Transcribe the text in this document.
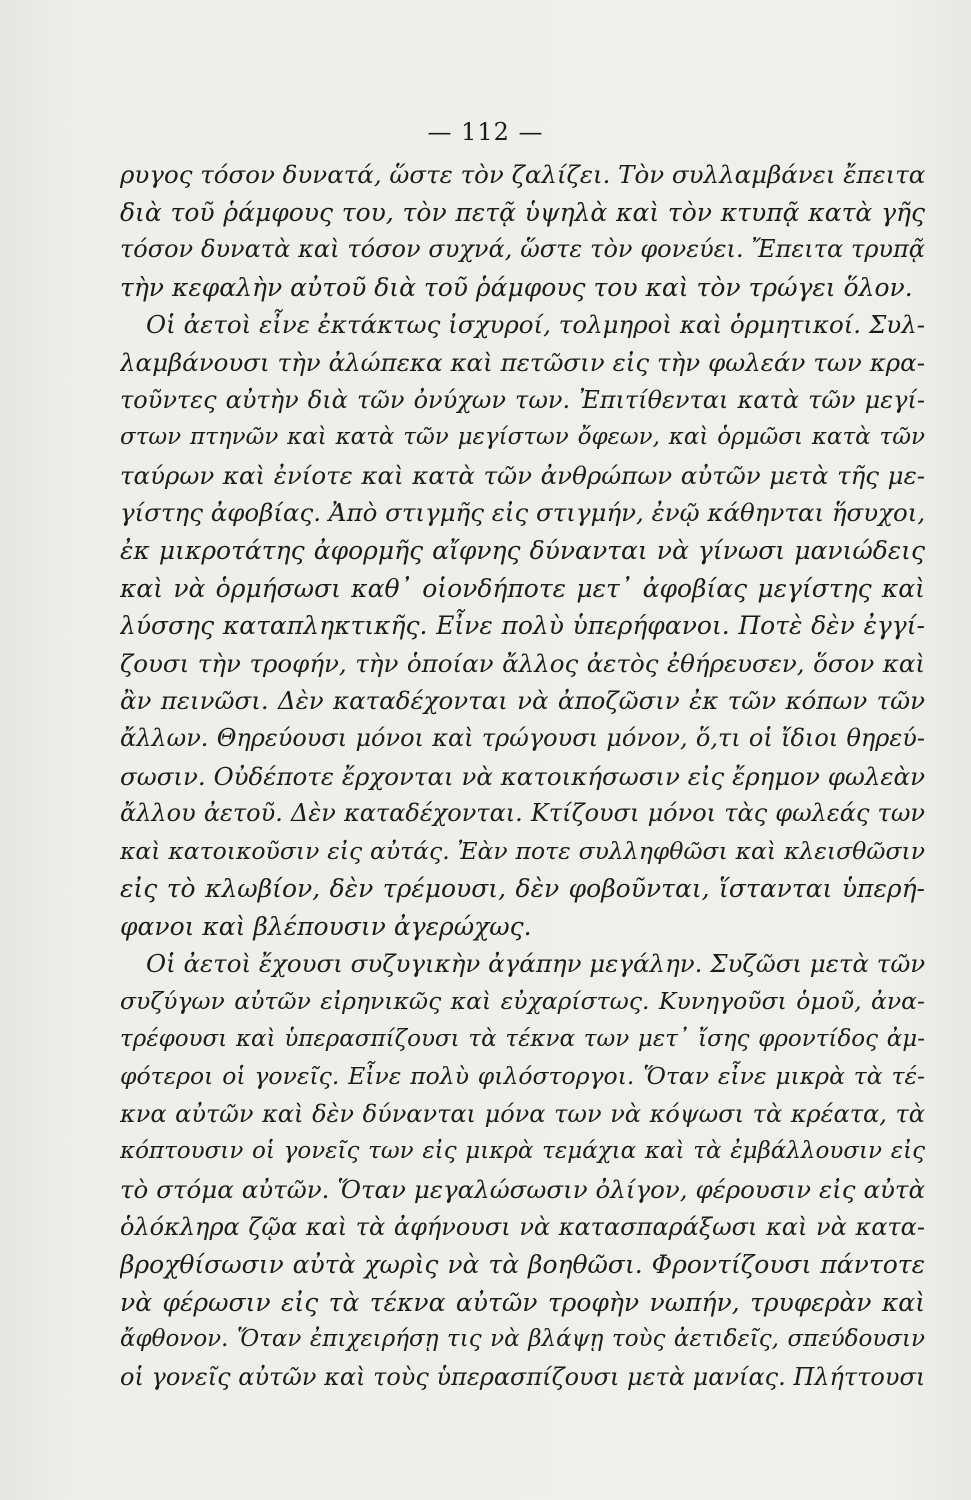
— 112 —
ρυγος τόσον δυνατά, ὥστε τὸν ζαλίζει. Τὸν συλλαμβάνει ἔπειτα
διὰ τοῦ ῥάμφους του, τὸν πετᾷ ὑψηλὰ καὶ τὸν κτυπᾷ κατὰ γῆς
τόσον δυνατὰ καὶ τόσον συχνά, ὥστε τὸν φονεύει. Ἔπειτα τρυπᾷ
τὴν κεφαλὴν αὐτοῦ διὰ τοῦ ῥάμφους του καὶ τὸν τρώγει ὅλον.
Οἱ ἀετοὶ εἶνε ἐκτάκτως ἰσχυροί, τολμηροὶ καὶ ὁρμητικοί. Συλ-
λαμβάνουσι τὴν ἀλώπεκα καὶ πετῶσιν εἰς τὴν φωλεάν των κρα-
τοῦντες αὐτὴν διὰ τῶν ὀνύχων των. Ἐπιτίθενται κατὰ τῶν μεγί-
στων πτηνῶν καὶ κατὰ τῶν μεγίστων ὄφεων, καὶ ὁρμῶσι κατὰ τῶν
ταύρων καὶ ἐνίοτε καὶ κατὰ τῶν ἀνθρώπων αὐτῶν μετὰ τῆς με-
γίστης ἀφοβίας. Ἀπὸ στιγμῆς εἰς στιγμήν, ἐνῷ κάθηνται ἥσυχοι,
ἐκ μικροτάτης ἀφορμῆς αἴφνης δύνανται νὰ γίνωσι μανιώδεις
καὶ νὰ ὁρμήσωσι καθ᾽ οἱονδήποτε μετ᾽ ἀφοβίας μεγίστης καὶ
λύσσης καταπληκτικῆς. Εἶνε πολὺ ὑπερήφανοι. Ποτὲ δὲν ἐγγί-
ζουσι τὴν τροφήν, τὴν ὁποίαν ἄλλος ἀετὸς ἐθήρευσεν, ὅσον καὶ
ἂν πεινῶσι. Δὲν καταδέχονται νὰ ἀποζῶσιν ἐκ τῶν κόπων τῶν
ἄλλων. Θηρεύουσι μόνοι καὶ τρώγουσι μόνον, ὅ,τι οἱ ἴδιοι θηρεύ-
σωσιν. Οὐδέποτε ἔρχονται νὰ κατοικήσωσιν εἰς ἔρημον φωλεὰν
ἄλλου ἀετοῦ. Δὲν καταδέχονται. Κτίζουσι μόνοι τὰς φωλεάς των
καὶ κατοικοῦσιν εἰς αὐτάς. Ἐὰν ποτε συλληφθῶσι καὶ κλεισθῶσιν
εἰς τὸ κλωβίον, δὲν τρέμουσι, δὲν φοβοῦνται, ἵστανται ὑπερή-
φανοι καὶ βλέπουσιν ἀγερώχως.
Οἱ ἀετοὶ ἔχουσι συζυγικὴν ἀγάπην μεγάλην. Συζῶσι μετὰ τῶν
συζύγων αὐτῶν εἰρηνικῶς καὶ εὐχαρίστως. Κυνηγοῦσι ὁμοῦ, ἀνα-
τρέφουσι καὶ ὑπερασπίζουσι τὰ τέκνα των μετ᾽ ἴσης φροντίδος ἀμ-
φότεροι οἱ γονεῖς. Εἶνε πολὺ φιλόστοργοι. Ὅταν εἶνε μικρὰ τὰ τέ-
κνα αὐτῶν καὶ δὲν δύνανται μόνα των νὰ κόψωσι τὰ κρέατα, τὰ
κόπτουσιν οἱ γονεῖς των εἰς μικρὰ τεμάχια καὶ τὰ ἐμβάλλουσιν εἰς
τὸ στόμα αὐτῶν. Ὅταν μεγαλώσωσιν ὀλίγον, φέρουσιν εἰς αὐτὰ
ὁλόκληρα ζῷα καὶ τὰ ἀφήνουσι νὰ κατασπαράξωσι καὶ νὰ κατα-
βροχθίσωσιν αὐτὰ χωρὶς νὰ τὰ βοηθῶσι. Φροντίζουσι πάντοτε
νὰ φέρωσιν εἰς τὰ τέκνα αὐτῶν τροφὴν νωπήν, τρυφερὰν καὶ
ἄφθονον. Ὅταν ἐπιχειρήσῃ τις νὰ βλάψῃ τοὺς ἀετιδεῖς, σπεύδουσιν
οἱ γονεῖς αὐτῶν καὶ τοὺς ὑπερασπίζουσι μετὰ μανίας. Πλήττουσι
